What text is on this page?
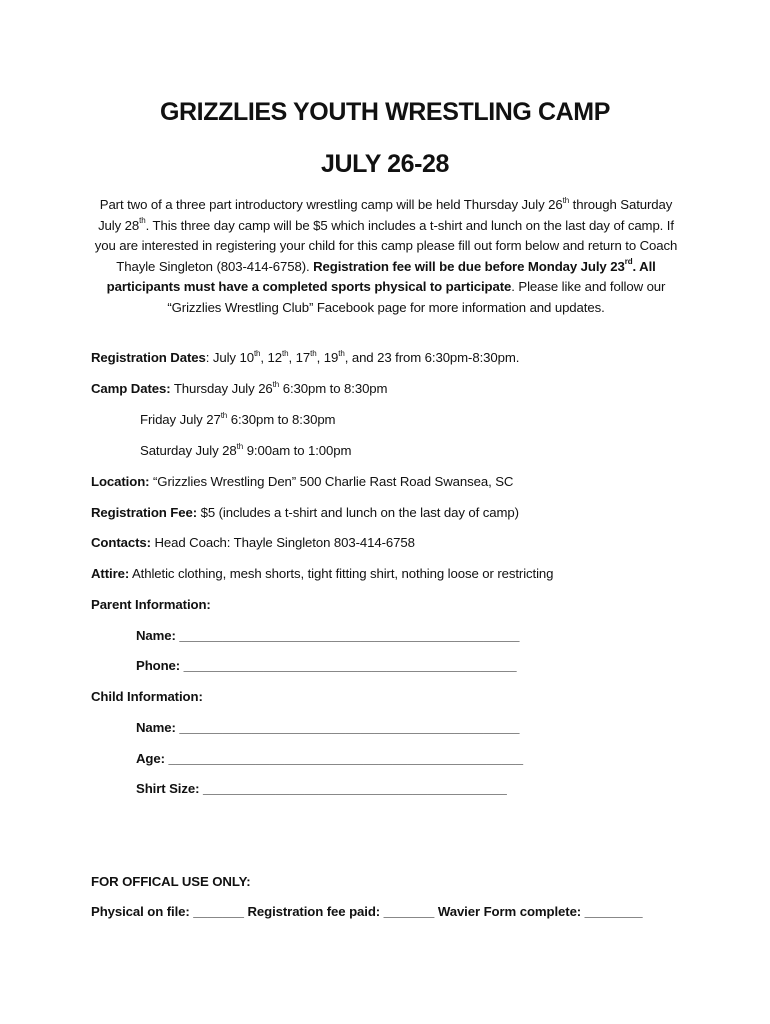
GRIZZLIES YOUTH WRESTLING CAMP
JULY 26-28
Part two of a three part introductory wrestling camp will be held Thursday July 26th through Saturday July 28th. This three day camp will be $5 which includes a t-shirt and lunch on the last day of camp. If you are interested in registering your child for this camp please fill out form below and return to Coach Thayle Singleton (803-414-6758). Registration fee will be due before Monday July 23rd. All participants must have a completed sports physical to participate. Please like and follow our “Grizzlies Wrestling Club” Facebook page for more information and updates.
Registration Dates: July 10th, 12th, 17th, 19th, and 23 from 6:30pm-8:30pm.
Camp Dates: Thursday July 26th 6:30pm to 8:30pm
Friday July 27th 6:30pm to 8:30pm
Saturday July 28th 9:00am to 1:00pm
Location: “Grizzlies Wrestling Den” 500 Charlie Rast Road Swansea, SC
Registration Fee: $5 (includes a t-shirt and lunch on the last day of camp)
Contacts: Head Coach: Thayle Singleton 803-414-6758
Attire: Athletic clothing, mesh shorts, tight fitting shirt, nothing loose or restricting
Parent Information:
Name: _______________________________________________
Phone: ______________________________________________
Child Information:
Name: _______________________________________________
Age: _________________________________________________
Shirt Size: __________________________________________
FOR OFFICAL USE ONLY:
Physical on file: _______ Registration fee paid: _______ Wavier Form complete: ________
